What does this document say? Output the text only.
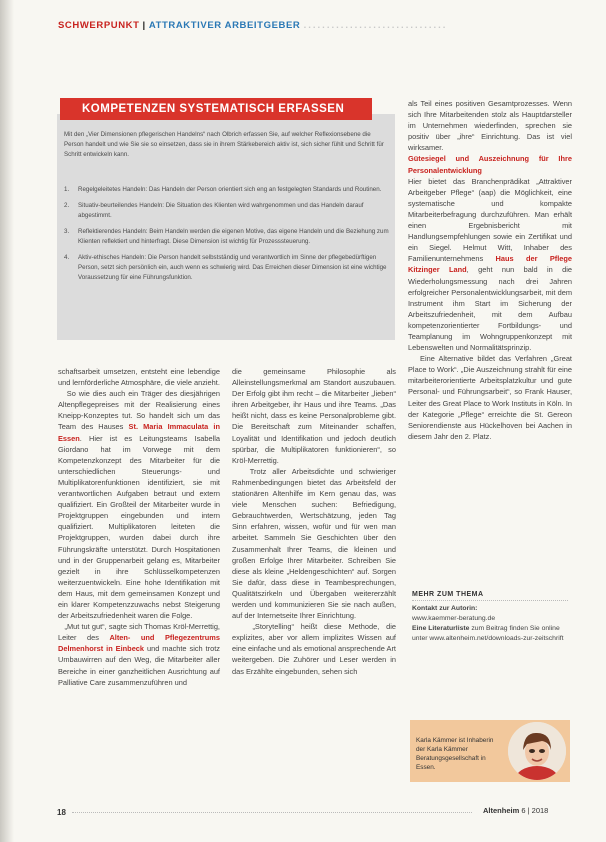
SCHWERPUNKT | ATTRAKTIVER ARBEITGEBER ...............................
KOMPETENZEN SYSTEMATISCH ERFASSEN
Mit den „Vier Dimensionen pflegerischen Handelns“ nach Olbrich erfassen Sie, auf welcher Reflexionsebene die Person handelt und wie Sie sie so einsetzen, dass sie in ihrem Stärkebereich aktiv ist, sich sicher fühlt und Schritt für Schritt entwickeln kann.
1. Regelgeleitetes Handeln: Das Handeln der Person orientiert sich eng an festgelegten Standards und Routinen.
2. Situativ-beurteilendes Handeln: Die Situation des Klienten wird wahrgenommen und das Handeln darauf abgestimmt.
3. Reflektierendes Handeln: Beim Handeln werden die eigenen Motive, das eigene Handeln und die Beziehung zum Klienten reflektiert und hinterfragt. Diese Dimension ist wichtig für Prozesssteuerung.
4. Aktiv-ethisches Handeln: Die Person handelt selbstständig und verantwortlich im Sinne der pflegebedürftigen Person, setzt sich persönlich ein, auch wenn es schwierig wird. Das Erreichen dieser Dimension ist eine wichtige Voraussetzung für eine Führungsfunktion.

schaftsarbeit umsetzen, entsteht eine lebendige und lernförderliche Atmosphäre, die viele anzieht.

So wie dies auch ein Träger des diesjährigen Altenpflegepreises mit der Realisierung eines Kneipp-Konzeptes tut. So handelt sich um das Team des Hauses St. Maria Immaculata in Essen. Hier ist es Leitungsteams Isabella Giordano hat im Vorwege mit dem Kompetenzkonzept des Mitarbeiter für die unterschiedlichen Steuerungs- und Multiplikatorenfunktionen identifiziert, sie mit verantwortlichen Aufgaben betraut und extern qualifiziert. Ein Großteil der Mitarbeiter wurde in Projektgruppen eingebunden und intern qualifiziert. Multiplikatoren leiteten die Projektgruppen, wurden dabei durch ihre Führungskräfte unterstützt. Durch Hospitationen und in der Gruppenarbeit gelang es, Mitarbeiter gezielt in ihre Schlüsselkompetenzen weiterzuentwickeln. Eine hohe Identifikation mit dem Haus, mit dem gemeinsamen Konzept und ein klarer Kompetenzzuwachs nebst Steigerung der Arbeitszufriedenheit waren die Folge.

„Mut tut gut“, sagte sich Thomas Kröl-Merrettig, Leiter des Alten- und Pflegezentrums Delmenhorst in Einbeck und machte sich trotz Umbauwirren auf den Weg, die Mitarbeiter aller Bereiche in einer ganzheitlichen Ausrichtung auf Palliative Care zusammenzuführen und

die gemeinsame Philosophie als Alleinstellungsmerkmal am Standort auszubauen. Der Erfolg gibt ihm recht – die Mitarbeiter „lieben“ ihren Arbeitgeber, ihr Haus und ihre Teams. „Das heißt nicht, dass es keine Personalprobleme gibt. Die Bereitschaft zum Miteinander schaffen, Loyalität und Identifikation und jedoch deutlich spürbar, die Multiplikatoren funktionieren“, so Kröl-Merrettig.

Trotz aller Arbeitsdichte und schwieriger Rahmenbedingungen bietet das Arbeitsfeld der stationären Altenhilfe im Kern genau das, was viele Menschen suchen: Befriedigung, Gebrauchtwerden, Wertschätzung, jeden Tag Sinn erfahren, wissen, wofür und für wen man arbeitet. Sammeln Sie Geschichten über den Zusammenhalt Ihrer Teams, die kleinen und großen Erfolge Ihrer Mitarbeiter. Schreiben Sie diese als kleine „Heldengeschichten“ auf. Sorgen Sie dafür, dass diese in Teambesprechungen, Qualitätszirkeln und Übergaben weitererzählt werden und kommunizieren Sie sie nach außen, auf der Internetseite Ihrer Einrichtung.

„Storytelling“ heißt diese Methode, die explizites, aber vor allem implizites Wissen auf eine einfache und als emotional ansprechende Art weitergeben. Die Zuhörer und Leser werden in das Erzählte eingebunden, sehen sich

als Teil eines positiven Gesamtprozesses. Wenn sich Ihre Mitarbeitenden stolz als Hauptdarsteller im Unternehmen wiederfinden, sprechen sie positiv über „ihre“ Einrichtung. Das ist viel wirksamer.

Gütesiegel und Auszeichnung für Ihre Personalentwicklung

Hier bietet das Branchenprädikat „Attraktiver Arbeitgeber Pflege“ (aap) die Möglichkeit, eine systematische und kompakte Mitarbeiterbefragung durchzuführen. Man erhält einen Ergebnisbericht mit Handlungsempfehlungen sowie ein Zertifikat und ein Siegel. Helmut Witt, Inhaber des Familienunternehmens Haus der Pflege Kitzinger Land, geht nun bald in die Wiederholungsmessung nach drei Jahren erfolgreicher Personalentwicklungsarbeit, mit dem Instrument ihm Start im Sicherung der Arbeitszufriedenheit, mit dem Aufbau kompetenzorientierter Fortbildungs- und Teamplanung im Wohngruppenkonzept mit Lebenswelten und Normalitätsprinzip.

Eine Alternative bildet das Verfahren „Great Place to Work“. „Die Auszeichnung strahlt für eine mitarbeiterorientierte Arbeitsplatzkultur und gute Personal- und Führungsarbeit“, so Frank Hauser, Leiter des Great Place to Work Instituts in Köln. In der Kategorie „Pflege“ erreichte die St. Gereon Seniorendienste aus Hückelhoven bei Aachen in diesem Jahr den 2. Platz.

MEHR ZUM THEMA
Kontakt zur Autorin:
www.kaemmer-beratung.de
Eine Literaturliste zum Beitrag finden Sie online unter www.altenheim.net/downloads-zur-zeitschrift
Karla Kämmer ist Inhaberin der Karla Kämmer Beratungsgesellschaft in Essen.
18	Altenheim 6 | 2018
